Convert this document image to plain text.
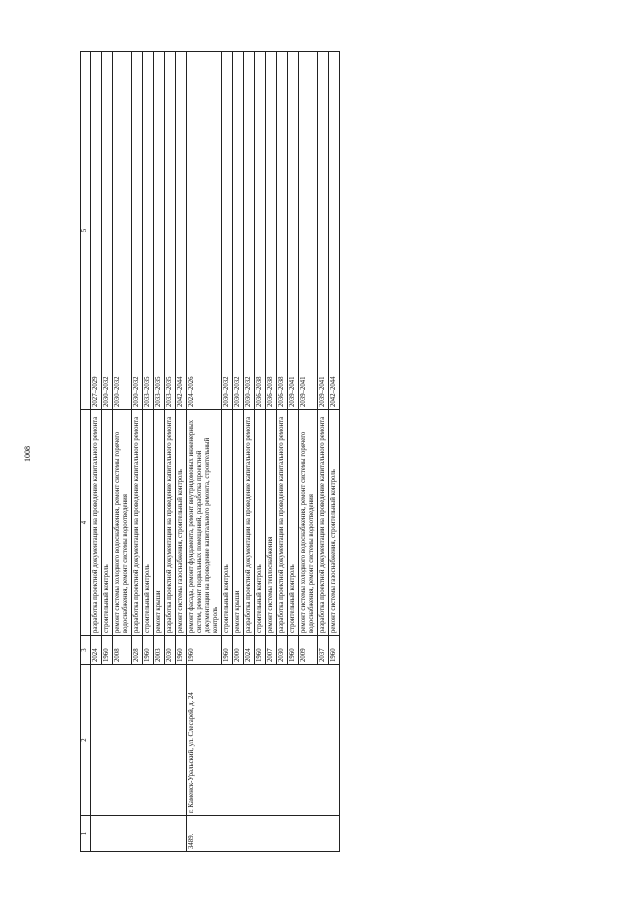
1008
1	2	3	4	5
		2024	разработка проектной документации на проведение капитального ремонта	2027–2029
		1960	строительный контроль	2030–2032
		2008	ремонт системы холодного водоснабжения, ремонт системы горячего водоснабжения, ремонт системы водоотведения	2030–2032
		2028	разработка проектной документации на проведение капитального ремонта	2030–2032
		1960	строительный контроль	2033–2035
		2003	ремонт крыши	2033–2035
		2030	разработка проектной документации на проведение капитального ремонта	2033–2035
		1960	ремонт системы газоснабжения, строительный контроль	2042–2044
3489.	г. Каменск-Уральский, ул. Слесарей, д. 24	1960	ремонт фасада, ремонт фундамента, ремонт внутридомовых инженерных систем, ремонт подвальных помещений, разработка проектной документации на проведение капитального ремонта, строительный контроль	2024–2026
		1960	строительный контроль	2030–2032
		2000	ремонт крыши	2030–2032
		2024	разработка проектной документации на проведение капитального ремонта	2030–2032
		1960	строительный контроль	2036–2038
		2007	ремонт системы теплоснабжения	2036–2038
		2030	разработка проектной документации на проведение капитального ремонта	2036–2038
		1960	строительный контроль	2039–2041
		2009	ремонт системы холодного водоснабжения, ремонт системы горячего водоснабжения, ремонт системы водоотведения	2039–2041
		2037	разработка проектной документации на проведение капитального ремонта	2039–2041
		1960	ремонт системы газоснабжения, строительный контроль	2042–2044
